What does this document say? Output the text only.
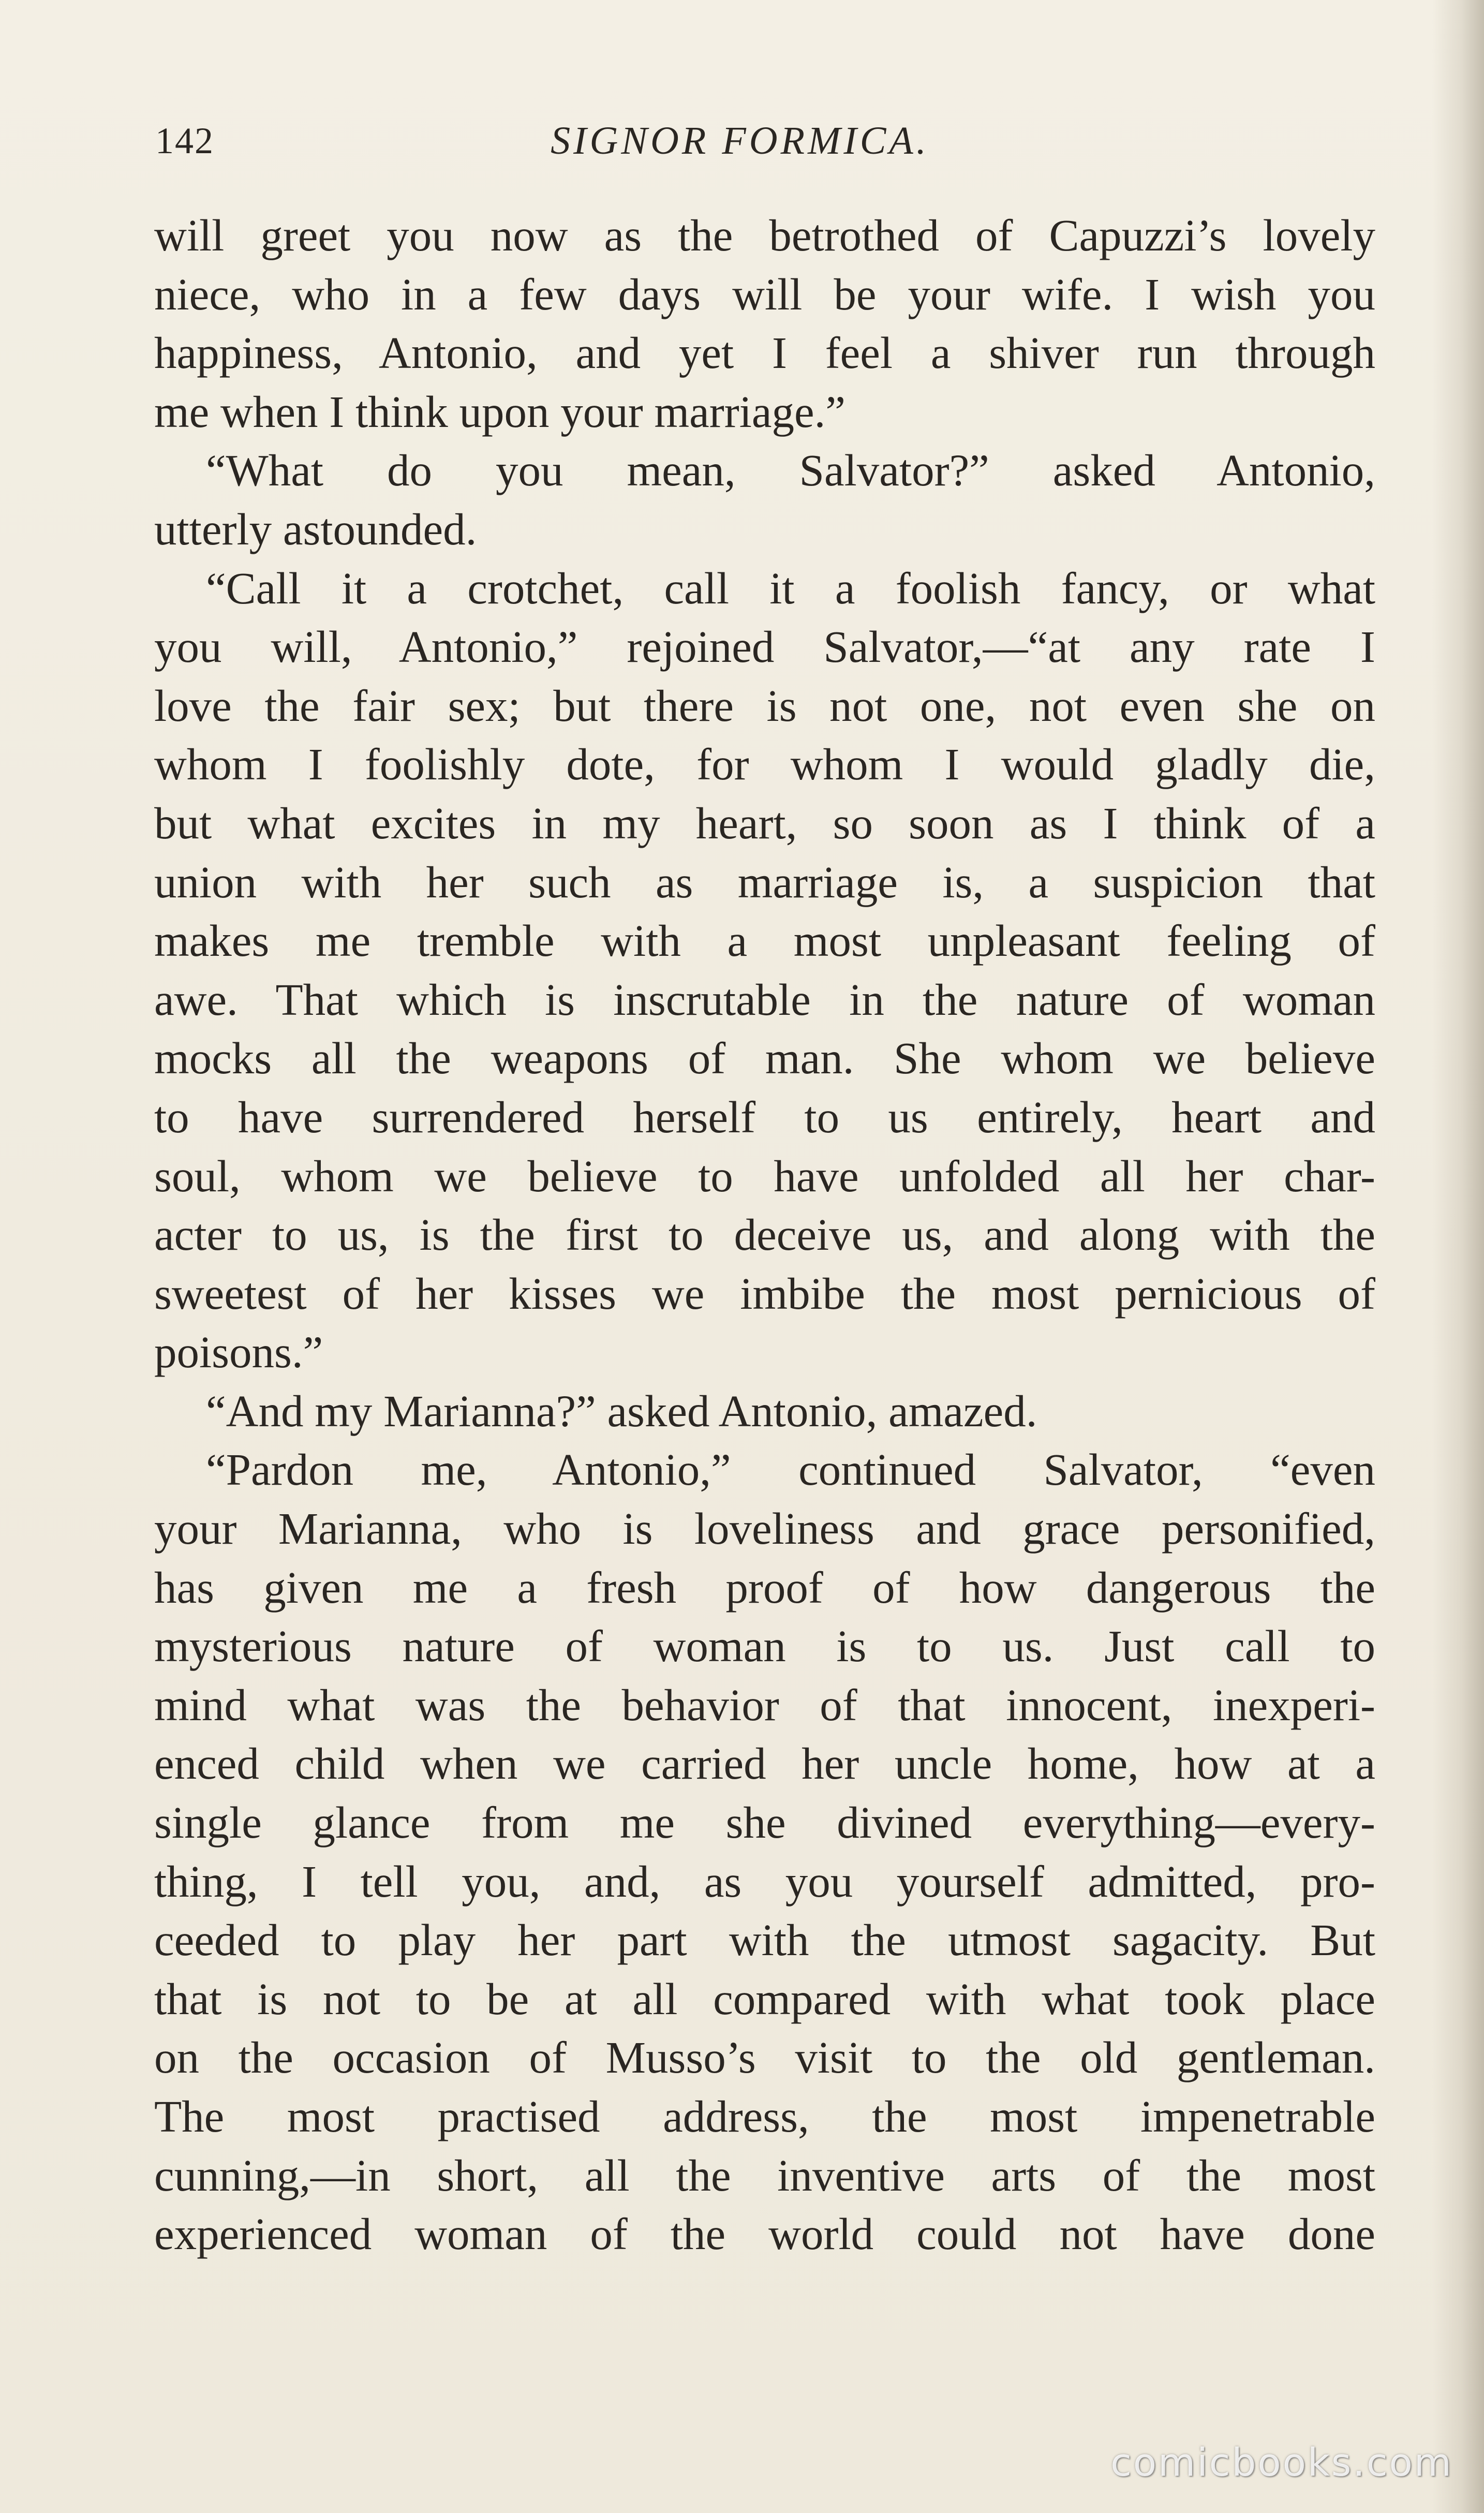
142	SIGNOR FORMICA.
will greet you now as the betrothed of Capuzzi’s lovely
niece, who in a few days will be your wife. I wish you
happiness, Antonio, and yet I feel a shiver run through
me when I think upon your marriage.”
“What do you mean, Salvator?” asked Antonio,
utterly astounded.
“Call it a crotchet, call it a foolish fancy, or what
you will, Antonio,” rejoined Salvator,—“at any rate I
love the fair sex; but there is not one, not even she on
whom I foolishly dote, for whom I would gladly die,
but what excites in my heart, so soon as I think of a
union with her such as marriage is, a suspicion that
makes me tremble with a most unpleasant feeling of
awe. That which is inscrutable in the nature of woman
mocks all the weapons of man. She whom we believe
to have surrendered herself to us entirely, heart and
soul, whom we believe to have unfolded all her char-
acter to us, is the first to deceive us, and along with the
sweetest of her kisses we imbibe the most pernicious of
poisons.”
“And my Marianna?” asked Antonio, amazed.
“Pardon me, Antonio,” continued Salvator, “even
your Marianna, who is loveliness and grace personified,
has given me a fresh proof of how dangerous the
mysterious nature of woman is to us. Just call to
mind what was the behavior of that innocent, inexperi-
enced child when we carried her uncle home, how at a
single glance from me she divined everything—every-
thing, I tell you, and, as you yourself admitted, pro-
ceeded to play her part with the utmost sagacity. But
that is not to be at all compared with what took place
on the occasion of Musso’s visit to the old gentleman.
The most practised address, the most impenetrable
cunning,—in short, all the inventive arts of the most
experienced woman of the world could not have done
comicbooks.com
